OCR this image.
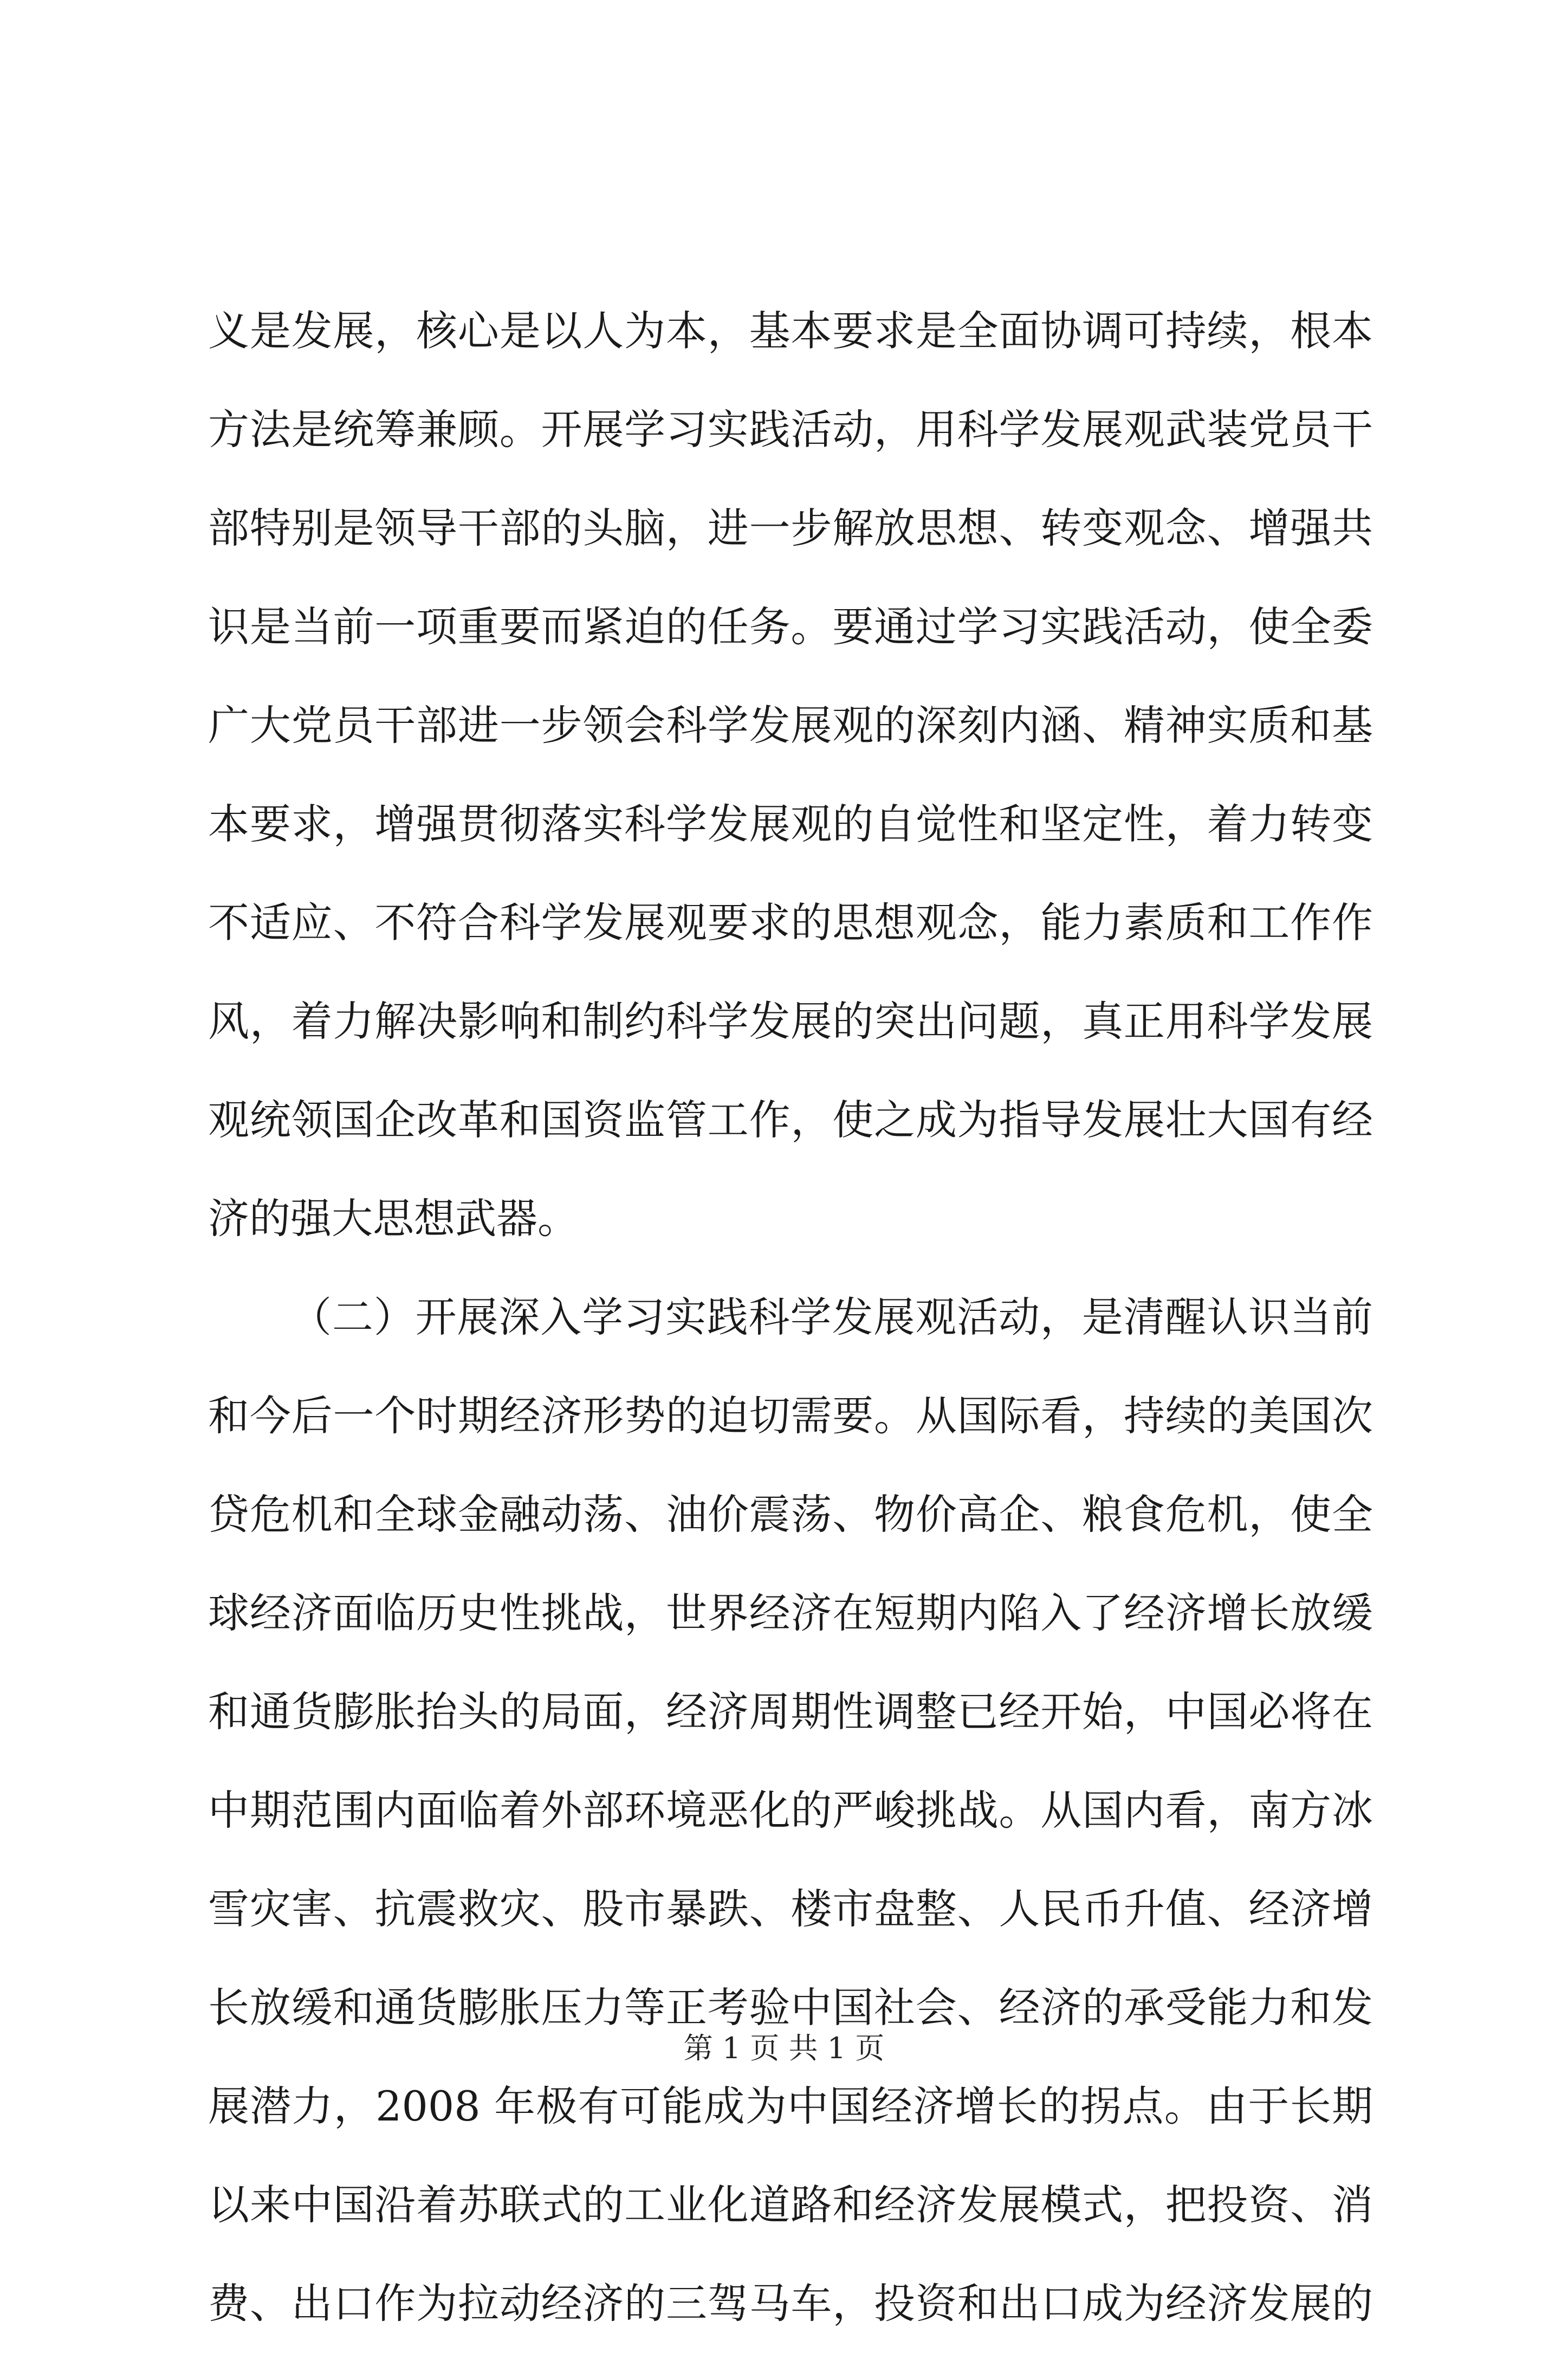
义是发展，核心是以人为本，基本要求是全面协调可持续，根本
方法是统筹兼顾。开展学习实践活动，用科学发展观武装党员干
部特别是领导干部的头脑，进一步解放思想、转变观念、增强共
识是当前一项重要而紧迫的任务。要通过学习实践活动，使全委
广大党员干部进一步领会科学发展观的深刻内涵、精神实质和基
本要求，增强贯彻落实科学发展观的自觉性和坚定性，着力转变
不适应、不符合科学发展观要求的思想观念，能力素质和工作作
风，着力解决影响和制约科学发展的突出问题，真正用科学发展
观统领国企改革和国资监管工作，使之成为指导发展壮大国有经
济的强大思想武器。
（二）开展深入学习实践科学发展观活动，是清醒认识当前
和今后一个时期经济形势的迫切需要。从国际看，持续的美国次
贷危机和全球金融动荡、油价震荡、物价高企、粮食危机，使全
球经济面临历史性挑战，世界经济在短期内陷入了经济增长放缓
和通货膨胀抬头的局面，经济周期性调整已经开始，中国必将在
中期范围内面临着外部环境恶化的严峻挑战。从国内看，南方冰
雪灾害、抗震救灾、股市暴跌、楼市盘整、人民币升值、经济增
长放缓和通货膨胀压力等正考验中国社会、经济的承受能力和发
展潜力，2008 年极有可能成为中国经济增长的拐点。由于长期
以来中国沿着苏联式的工业化道路和经济发展模式，把投资、消
费、出口作为拉动经济的三驾马车，投资和出口成为经济发展的
第 1 页 共 1 页
